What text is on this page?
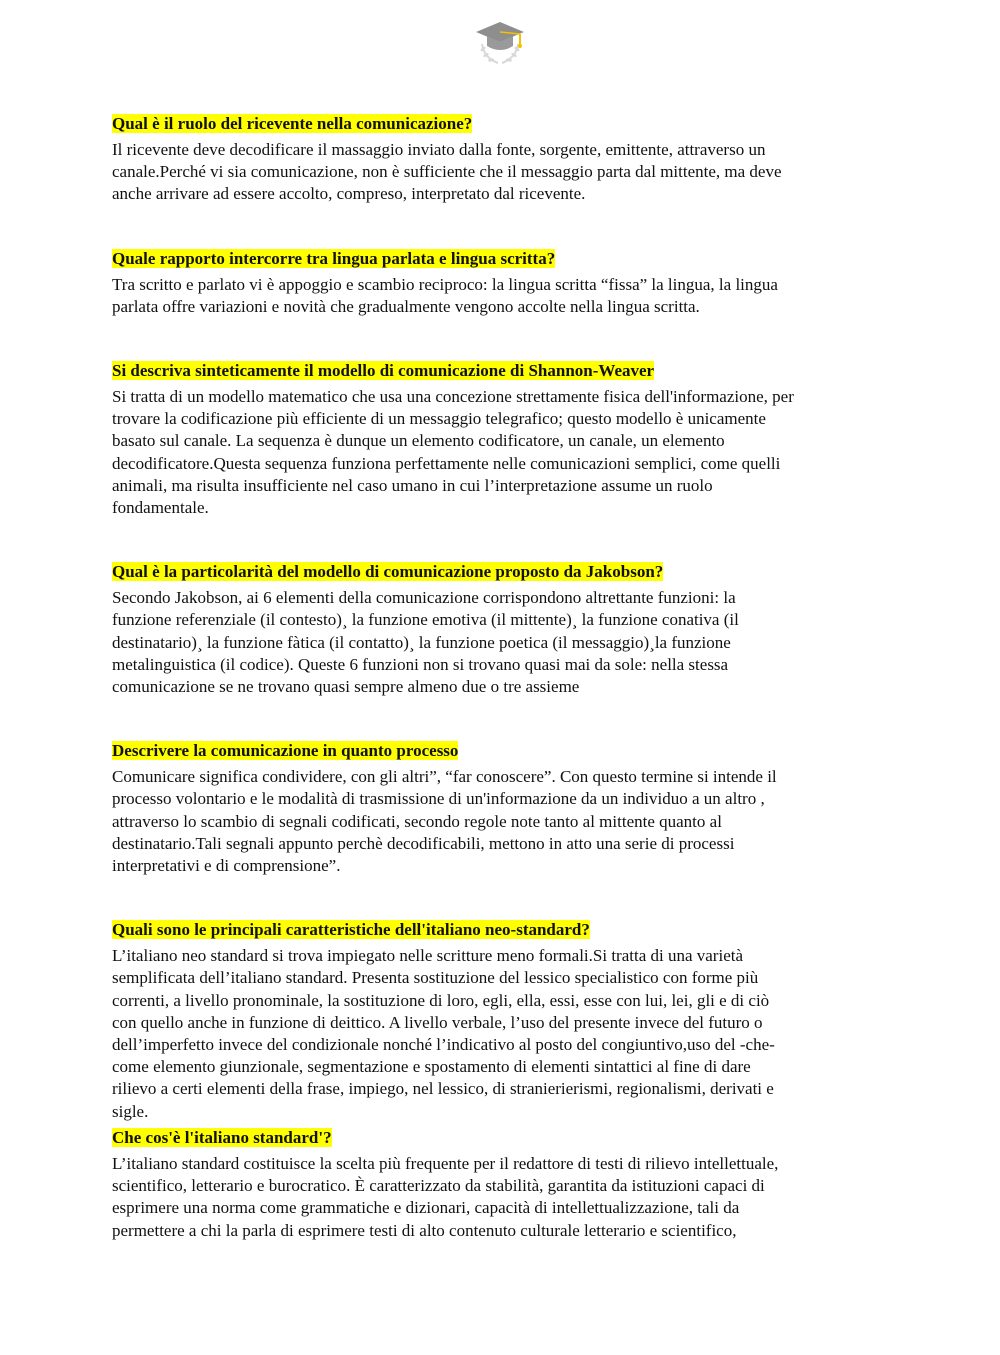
Qual è il ruolo del ricevente nella comunicazione?

Il ricevente deve decodificare il massaggio inviato dalla fonte, sorgente, emittente, attraverso un
canale.Perché vi sia comunicazione, non è sufficiente che il messaggio parta dal mittente, ma deve
anche arrivare ad essere accolto, compreso, interpretato dal ricevente.

Quale rapporto intercorre tra lingua parlata e lingua scritta?

Tra scritto e parlato vi è appoggio e scambio reciproco: la lingua scritta “fissa” la lingua, la lingua
parlata offre variazioni e novità che gradualmente vengono accolte nella lingua scritta.

Si descriva sinteticamente il modello di comunicazione di Shannon-Weaver

Si tratta di un modello matematico che usa una concezione strettamente fisica dell'informazione, per
trovare la codificazione più efficiente di un messaggio telegrafico; questo modello è unicamente
basato sul canale. La sequenza è dunque un elemento codificatore, un canale, un elemento
decodificatore.Questa sequenza funziona perfettamente nelle comunicazioni semplici, come quelli
animali, ma risulta insufficiente nel caso umano in cui l’interpretazione assume un ruolo
fondamentale.

Qual è la particolarità del modello di comunicazione proposto da Jakobson?

Secondo Jakobson, ai 6 elementi della comunicazione corrispondono altrettante funzioni: la
funzione referenziale (il contesto)¸ la funzione emotiva (il mittente)¸ la funzione conativa (il
destinatario)¸ la funzione fàtica (il contatto)¸ la funzione poetica (il messaggio)¸la funzione
metalinguistica (il codice). Queste 6 funzioni non si trovano quasi mai da sole: nella stessa
comunicazione se ne trovano quasi sempre almeno due o tre assieme

Descrivere la comunicazione in quanto processo

Comunicare significa condividere, con gli altri”, “far conoscere”. Con questo termine si intende il
processo volontario e le modalità di trasmissione di un'informazione da un individuo a un altro ,
attraverso lo scambio di segnali codificati, secondo regole note tanto al mittente quanto al
destinatario.Tali segnali appunto perchè decodificabili, mettono in atto una serie di processi
interpretativi e di comprensione”.

Quali sono le principali caratteristiche dell'italiano neo-standard?

L’italiano neo standard si trova impiegato nelle scritture meno formali.Si tratta di una varietà
semplificata dell’italiano standard. Presenta sostituzione del lessico specialistico con forme più
correnti, a livello pronominale, la sostituzione di loro, egli, ella, essi, esse con lui, lei, gli e di ciò
con quello anche in funzione di deittico. A livello verbale, l’uso del presente invece del futuro o
dell’imperfetto invece del condizionale nonché l’indicativo al posto del congiuntivo,uso del -che-
come elemento giunzionale, segmentazione e spostamento di elementi sintattici al fine di dare
rilievo a certi elementi della frase, impiego, nel lessico, di stranierierismi, regionalismi, derivati e
sigle.

Che cos'è l'italiano standard'?

L’italiano standard costituisce la scelta più frequente per il redattore di testi di rilievo intellettuale,
scientifico, letterario e burocratico. È caratterizzato da stabilità, garantita da istituzioni capaci di
esprimere una norma come grammatiche e dizionari, capacità di intellettualizzazione, tali da
permettere a chi la parla di esprimere testi di alto contenuto culturale letterario e scientifico,
